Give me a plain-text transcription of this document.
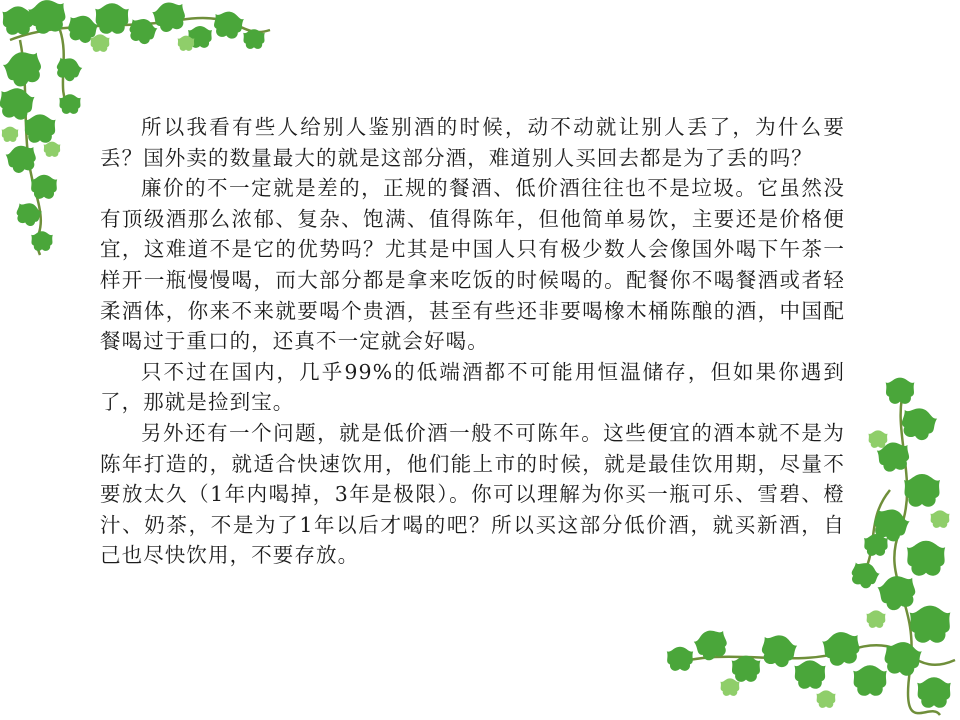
所以我看有些人给别人鉴别酒的时候，动不动就让别人丢了，为什么要丢？国外卖的数量最大的就是这部分酒，难道别人买回去都是为了丢的吗？

廉价的不一定就是差的，正规的餐酒、低价酒往往也不是垃圾。它虽然没有顶级酒那么浓郁、复杂、饱满、值得陈年，但他简单易饮，主要还是价格便宜，这难道不是它的优势吗？尤其是中国人只有极少数人会像国外喝下午茶一样开一瓶慢慢喝，而大部分都是拿来吃饭的时候喝的。配餐你不喝餐酒或者轻柔酒体，你来不来就要喝个贵酒，甚至有些还非要喝橡木桶陈酿的酒，中国配餐喝过于重口的，还真不一定就会好喝。

只不过在国内，几乎99%的低端酒都不可能用恒温储存，但如果你遇到了，那就是捡到宝。

另外还有一个问题，就是低价酒一般不可陈年。这些便宜的酒本就不是为陈年打造的，就适合快速饮用，他们能上市的时候，就是最佳饮用期，尽量不要放太久（1年内喝掉，3年是极限）。你可以理解为你买一瓶可乐、雪碧、橙汁、奶茶，不是为了1年以后才喝的吧？所以买这部分低价酒，就买新酒，自己也尽快饮用，不要存放。
